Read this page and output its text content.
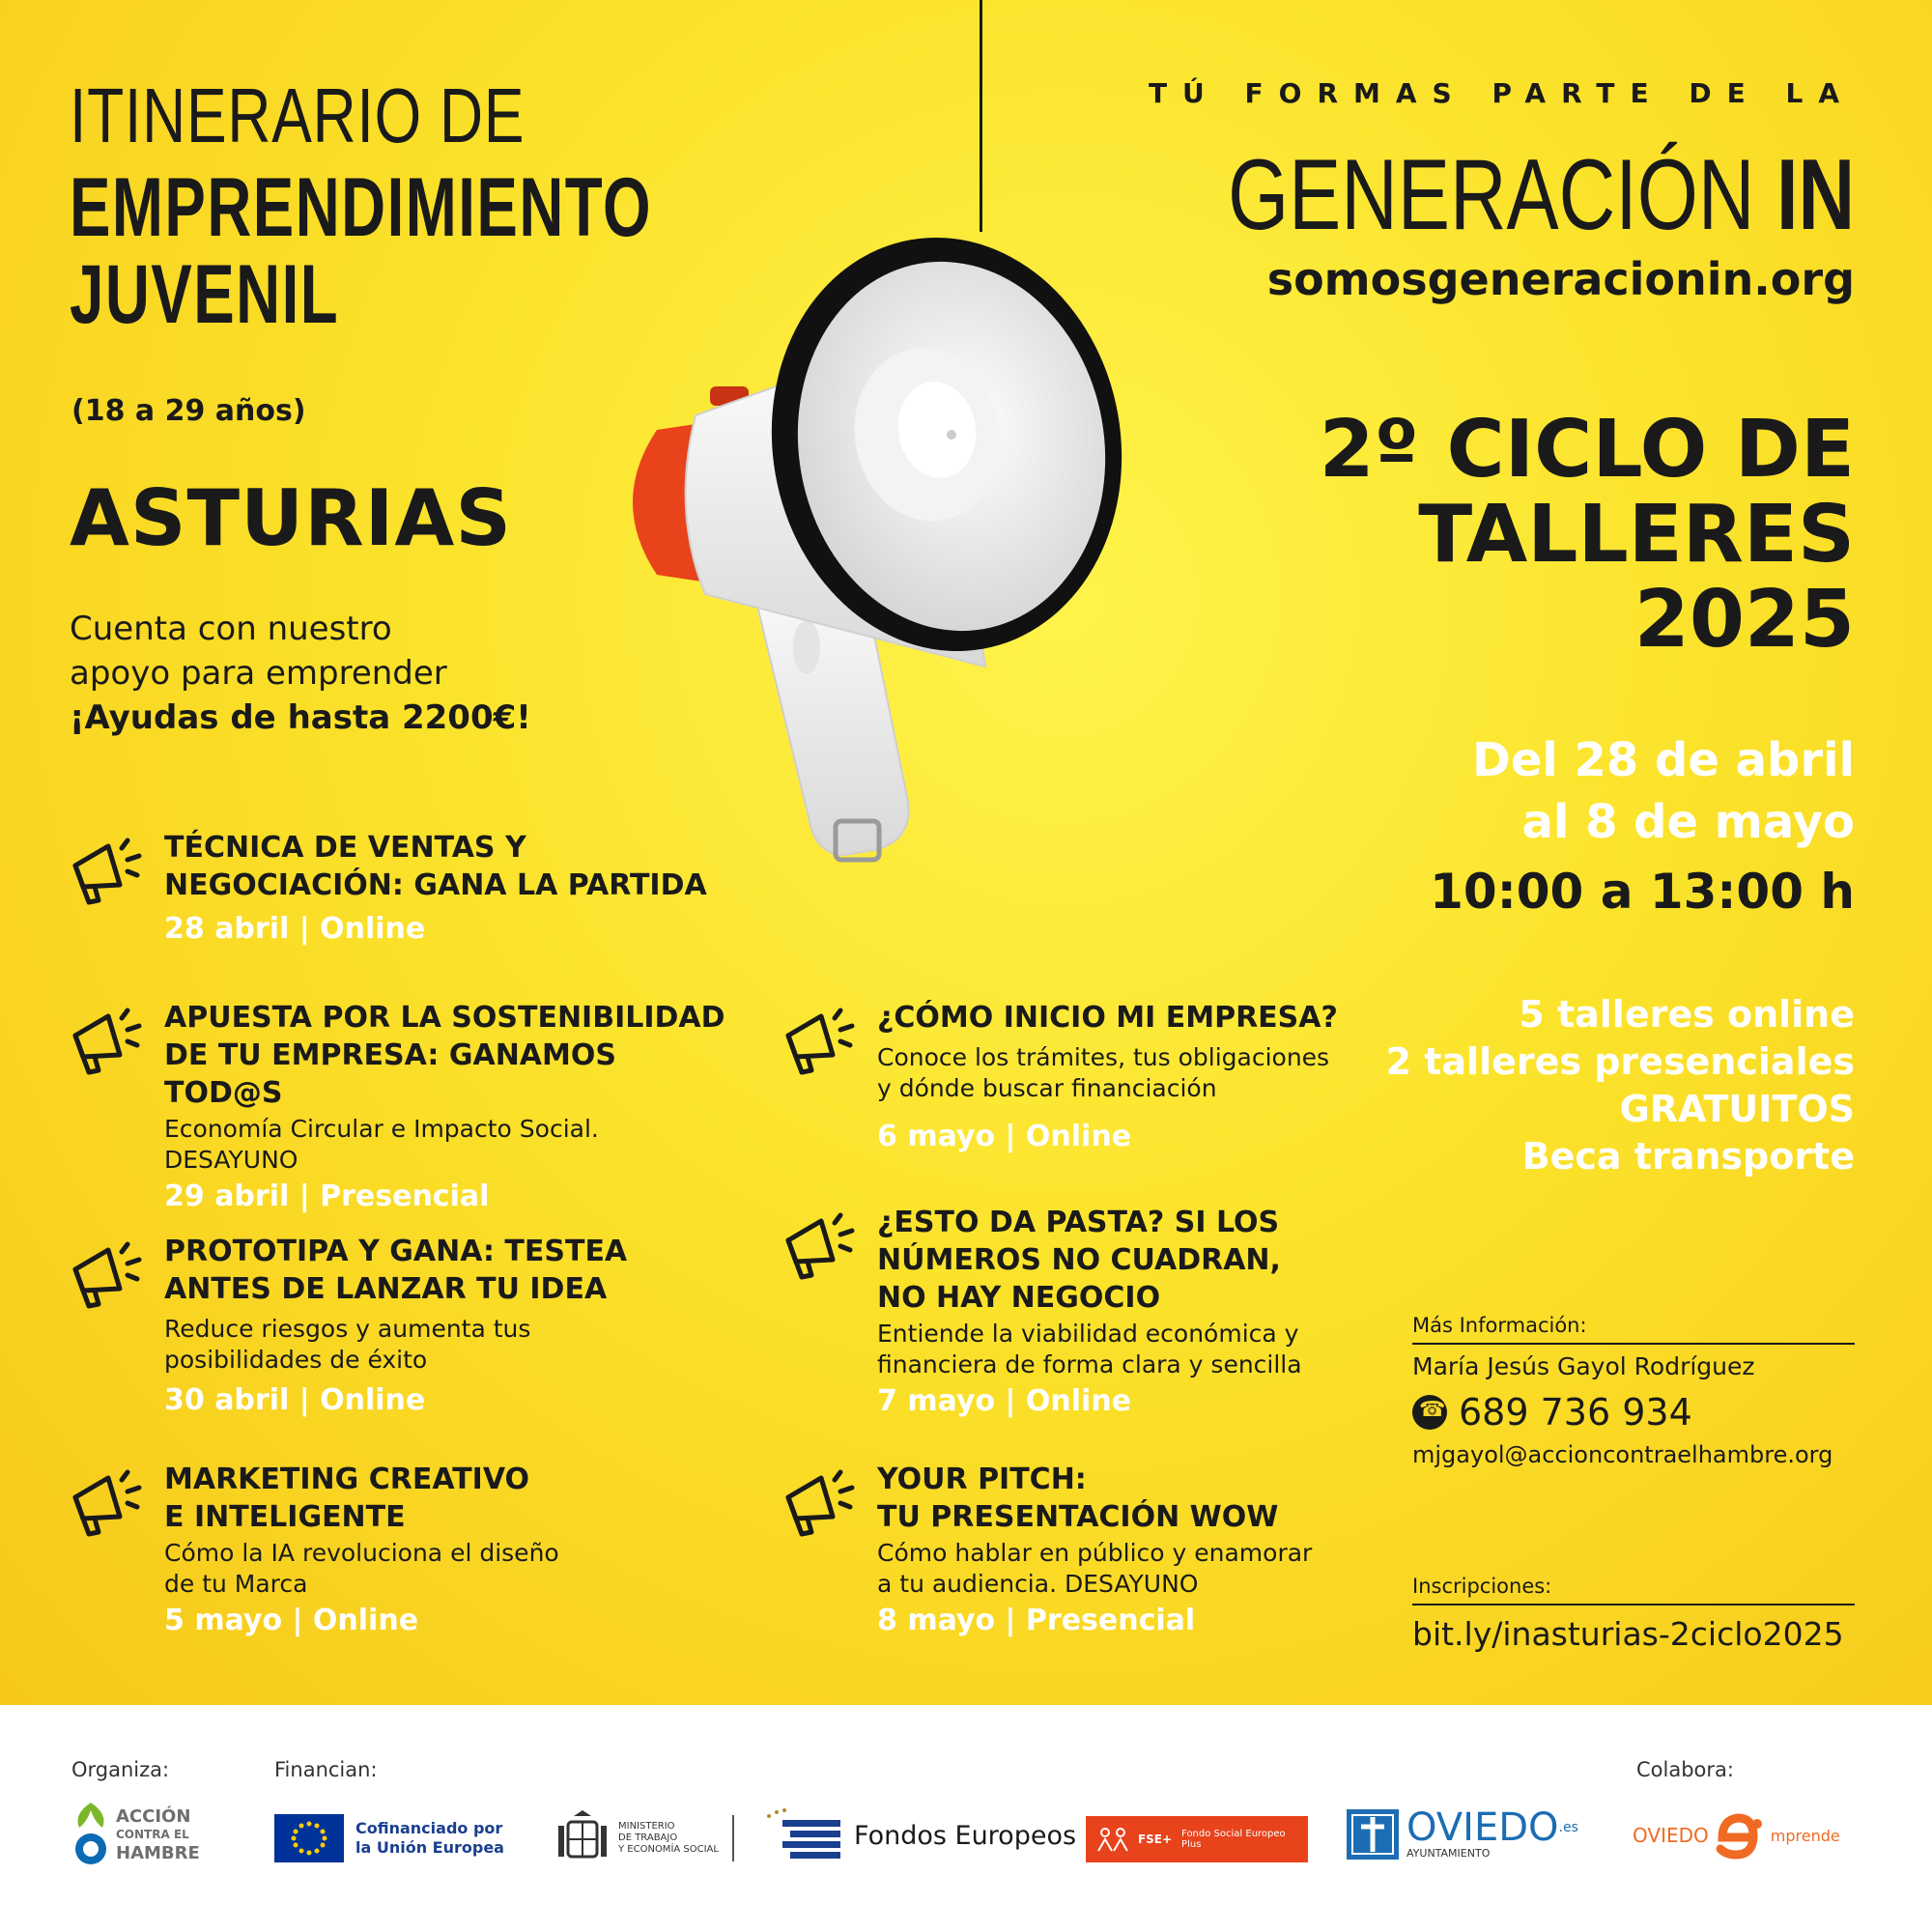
ITINERARIO DE
EMPRENDIMIENTO
JUVENIL
(18 a 29 años)
ASTURIAS
Cuenta con nuestro
apoyo para emprender
¡Ayudas de hasta 2200€!
TÚ FORMAS PARTE DE LA
GENERACIÓN IN
somosgeneracionin.org
2º CICLO DE
TALLERES
2025
Del 28 de abril
al 8 de mayo
10:00 a 13:00 h
5 talleres online
2 talleres presenciales
GRATUITOS
Beca transporte
Más Información:
María Jesús Gayol Rodríguez
☎
689 736 934
mjgayol@accioncontraelhambre.org
Inscripciones:
bit.ly/inasturias-2ciclo2025
TÉCNICA DE VENTAS Y
NEGOCIACIÓN: GANA LA PARTIDA
28 abril | Online
APUESTA POR LA SOSTENIBILIDAD
DE TU EMPRESA: GANAMOS TOD@S
Economía Circular e Impacto Social.
DESAYUNO
29 abril | Presencial
PROTOTIPA Y GANA: TESTEA
ANTES DE LANZAR TU IDEA
Reduce riesgos y aumenta tus
posibilidades de éxito
30 abril | Online
MARKETING CREATIVO
E INTELIGENTE
Cómo la IA revoluciona el diseño
de tu Marca
5 mayo | Online
¿CÓMO INICIO MI EMPRESA?
Conoce los trámites, tus obligaciones
y dónde buscar financiación
6 mayo | Online
¿ESTO DA PASTA? SI LOS
NÚMEROS NO CUADRAN,
NO HAY NEGOCIO
Entiende la viabilidad económica y
financiera de forma clara y sencilla
7 mayo | Online
YOUR PITCH:
TU PRESENTACIÓN WOW
Cómo hablar en público y enamorar
a tu audiencia. DESAYUNO
8 mayo | Presencial
Organiza:	Financian:	Colabora:
ACCIÓN
CONTRA EL
HAMBRE
Cofinanciado por
la Unión Europea
MINISTERIO
DE TRABAJO
Y ECONOMÍA SOCIAL	Fondos Europeos	FSE+ Fondo Social Europeo Plus	$OVIEDO^{.es}$
AYUNTAMIENTO
OVIEDO	mprende
